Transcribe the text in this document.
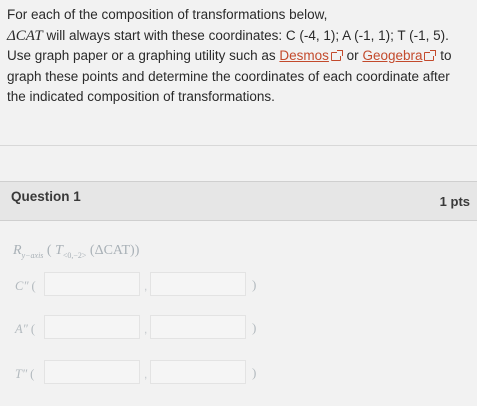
For each of the composition of transformations below,
ΔCAT will always start with these coordinates: C (-4, 1); A (-1, 1); T (-1, 5).
Use graph paper or a graphing utility such as Desmos or Geogebra to
graph these points and determine the coordinates of each coordinate after
the indicated composition of transformations.
Question 1	1 pts
$R_{y-axis}$ ( $T_{<0,-2>}$ (ΔCAT))
C″ (	,	)
A″ (	,	)
T″ (	,	)
